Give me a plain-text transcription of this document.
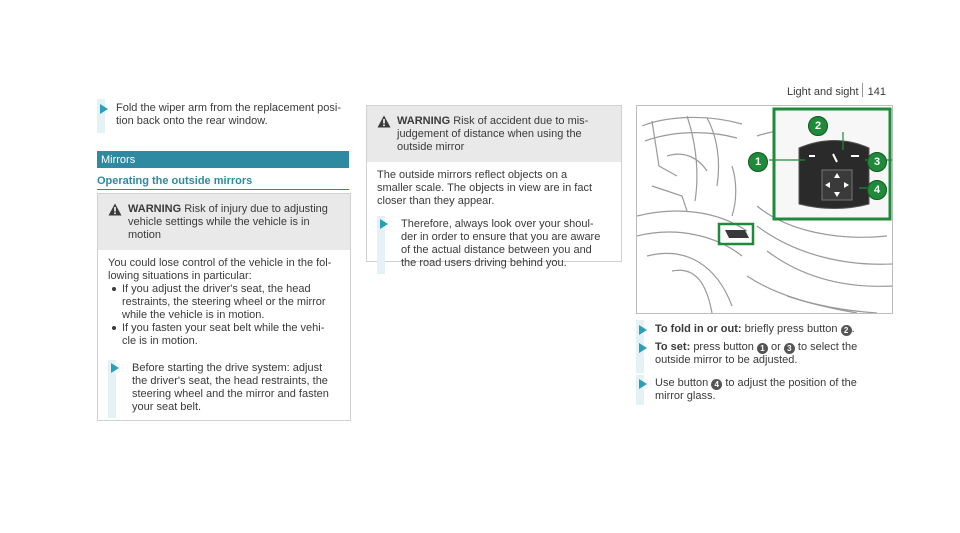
Light and sight 141
Fold the wiper arm from the replacement posi-
tion back onto the rear window.
Mirrors
Operating the outside mirrors
WARNING Risk of injury due to adjusting
vehicle settings while the vehicle is in
motion
You could lose control of the vehicle in the fol-
lowing situations in particular:
If you adjust the driver's seat, the head
restraints, the steering wheel or the mirror
while the vehicle is in motion.
If you fasten your seat belt while the vehi-
cle is in motion.
Before starting the drive system: adjust
the driver's seat, the head restraints, the
steering wheel and the mirror and fasten
your seat belt.
WARNING Risk of accident due to mis-
judgement of distance when using the
outside mirror
The outside mirrors reflect objects on a
smaller scale. The objects in view are in fact
closer than they appear.
Therefore, always look over your shoul-
der in order to ensure that you are aware
of the actual distance between you and
the road users driving behind you.
1
2
3
4
To fold in or out: briefly press button 2 .
To set: press button 1 or 3 to select the
outside mirror to be adjusted.
Use button 4 to adjust the position of the
mirror glass.
